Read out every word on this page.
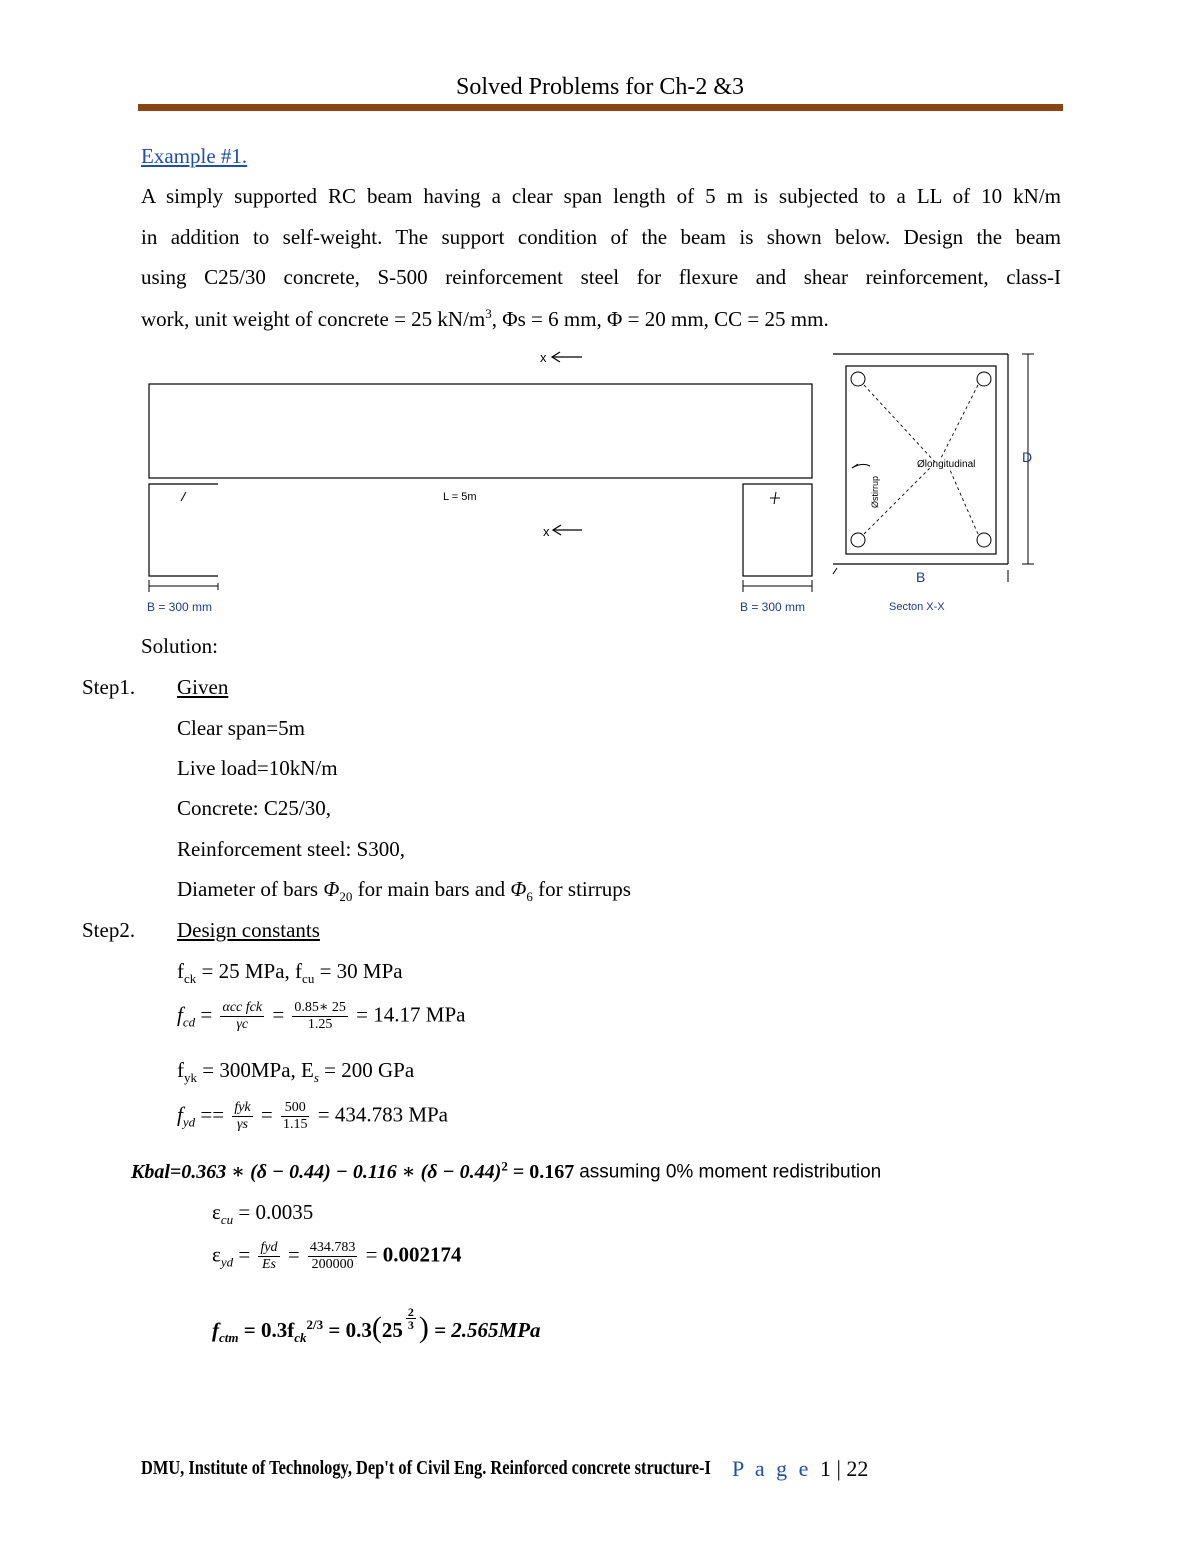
Solved Problems for Ch-2 &3
Example #1.
A simply supported RC beam having a clear span length of 5 m is subjected to a LL of 10 kN/m
in addition to self-weight. The support condition of the beam is shown below. Design the beam
using C25/30 concrete, S-500 reinforcement steel for flexure and shear reinforcement, class-I
work, unit weight of concrete = 25 $kN/m^3$, Φs = 6 mm, Φ = 20 mm, CC = 25 mm.
x
L = 5m
x
B = 300 mm	B = 300 mm
Østirrup
Ølongitudinal	D
B
Secton X-X
Solution:
Step1. Given
Clear span=5m
Live load=10kN/m
Concrete: C25/30,
Reinforcement steel: S300,
Diameter of bars $\Phi_{20}$ for main bars and $\Phi_6$ for stirrups
Step2. Design constants
$f_{ck} = 25$ MPa, $f_{cu} = 30$ MPa
$f_{cd} = \frac{\text{αcc fck}}{\gamma c} = \frac{0.85∗ 25}{1.25} = 14.17$ MPa
$f_{yk} = 300MPa$, $E_s = 200$ GPa
$f_{yd} == \frac{\text{fyk}}{\gamma s} = \frac{500}{1.15} = 434.783$ MPa
Kbal=0.363 ∗ (δ − 0.44) − 0.116 ∗ $(\delta - 0.44)^2 = 0.167$ assuming 0% moment redistribution
$\varepsilon_{cu} = 0.0035$
$\varepsilon_{yd} = \frac{\text{fyd}}{Es} = \frac{434.783}{200000} = 0.002174$
$f_{ctm} = 0.3f_{ck}^{2/3} = 0.3(25 \frac{2}{3}$ ) = 2.565MPa
DMU, Institute of Technology, Dep't of Civil Eng. Reinforced concrete structure-I P a g e 1 | 22
